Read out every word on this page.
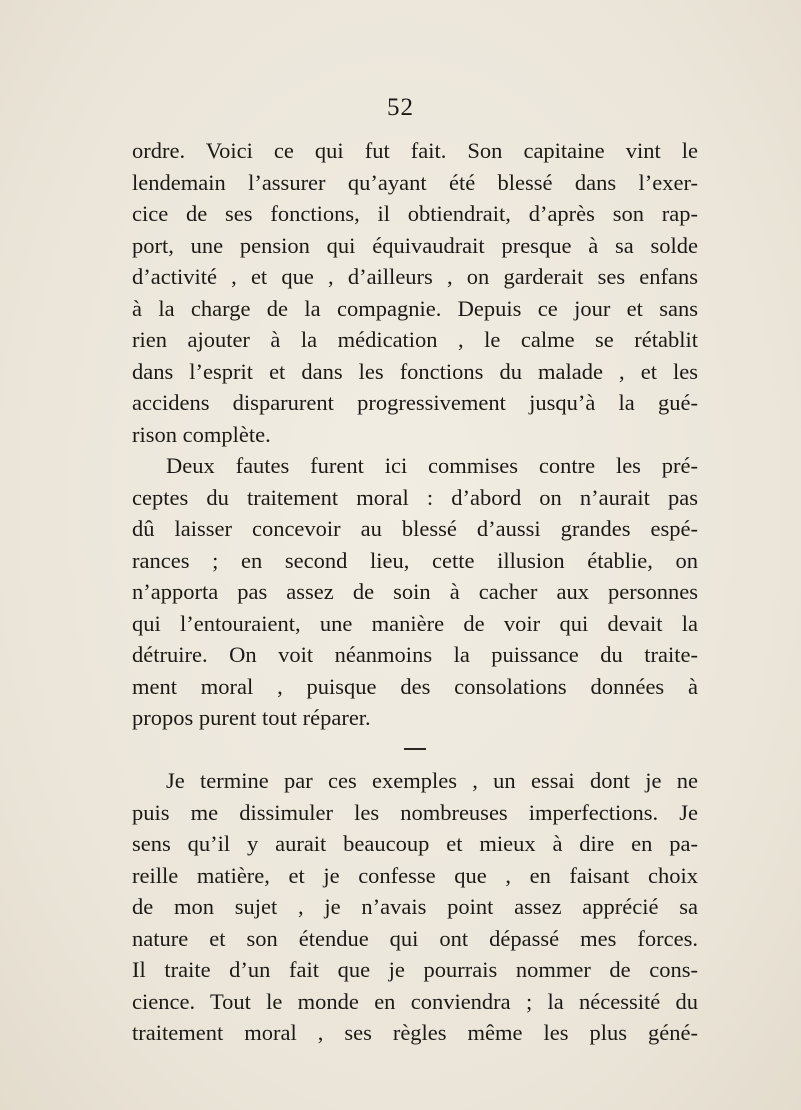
52
ordre. Voici ce qui fut fait. Son capitaine vint le
lendemain l’assurer qu’ayant été blessé dans l’exer-
cice de ses fonctions, il obtiendrait, d’après son rap-
port, une pension qui équivaudrait presque à sa solde
d’activité , et que , d’ailleurs , on garderait ses enfans
à la charge de la compagnie. Depuis ce jour et sans
rien ajouter à la médication , le calme se rétablit
dans l’esprit et dans les fonctions du malade , et les
accidens disparurent progressivement jusqu’à la gué-
rison complète.
Deux fautes furent ici commises contre les pré-
ceptes du traitement moral : d’abord on n’aurait pas
dû laisser concevoir au blessé d’aussi grandes espé-
rances ; en second lieu, cette illusion établie, on
n’apporta pas assez de soin à cacher aux personnes
qui l’entouraient, une manière de voir qui devait la
détruire. On voit néanmoins la puissance du traite-
ment moral , puisque des consolations données à
propos purent tout réparer.
Je termine par ces exemples , un essai dont je ne
puis me dissimuler les nombreuses imperfections. Je
sens qu’il y aurait beaucoup et mieux à dire en pa-
reille matière, et je confesse que , en faisant choix
de mon sujet , je n’avais point assez apprécié sa
nature et son étendue qui ont dépassé mes forces.
Il traite d’un fait que je pourrais nommer de cons-
cience. Tout le monde en conviendra ; la nécessité du
traitement moral , ses règles même les plus géné-
